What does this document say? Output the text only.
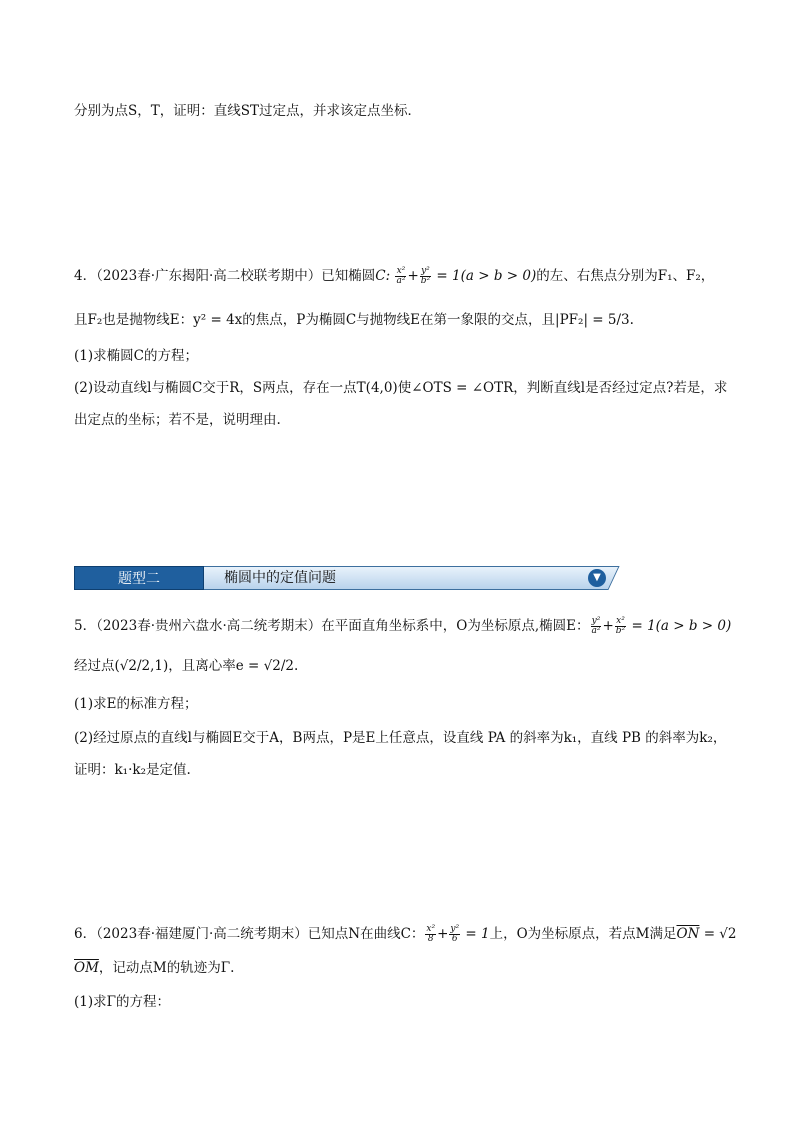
分别为点S，T，证明：直线ST过定点，并求该定点坐标．
4．（2023春·广东揭阳·高二校联考期中）已知椭圆C: $\frac{\text{x²}}{\text{a²}} + \frac{\text{y²}}{\text{b²}} = 1(a > b > 0)$的左、右焦点分别为F₁、F₂，
且F₂也是抛物线E：y² = 4x的焦点，P为椭圆C与抛物线E在第一象限的交点，且|PF₂| = 5/3.
(1)求椭圆C的方程；
(2)设动直线l与椭圆C交于R，S两点，存在一点T(4,0)使∠OTS = ∠OTR，判断直线l是否经过定点?若是，求
出定点的坐标；若不是，说明理由.
题型二	椭圆中的定值问题	▼
5．（2023春·贵州六盘水·高二统考期末）在平面直角坐标系中，O为坐标原点,椭圆E： $\frac{\text{y²}}{\text{a²}} + \frac{\text{x²}}{\text{b²}} = 1(a > b > 0)$
经过点(√2/2,1)，且离心率e = √2/2.
(1)求E的标准方程；
(2)经过原点的直线l与椭圆E交于A，B两点，P是E上任意点，设直线 PA 的斜率为k₁，直线 PB 的斜率为k₂，
证明：k₁·k₂是定值.
6．（2023春·福建厦门·高二统考期末）已知点N在曲线C： $\frac{\text{x²}}{8} + \frac{\text{y²}}{6} = 1$上，O为坐标原点，若点M满足$\overline{ON} = √2$
$\overline{OM}$，记动点M的轨迹为Γ.
(1)求Γ的方程：
